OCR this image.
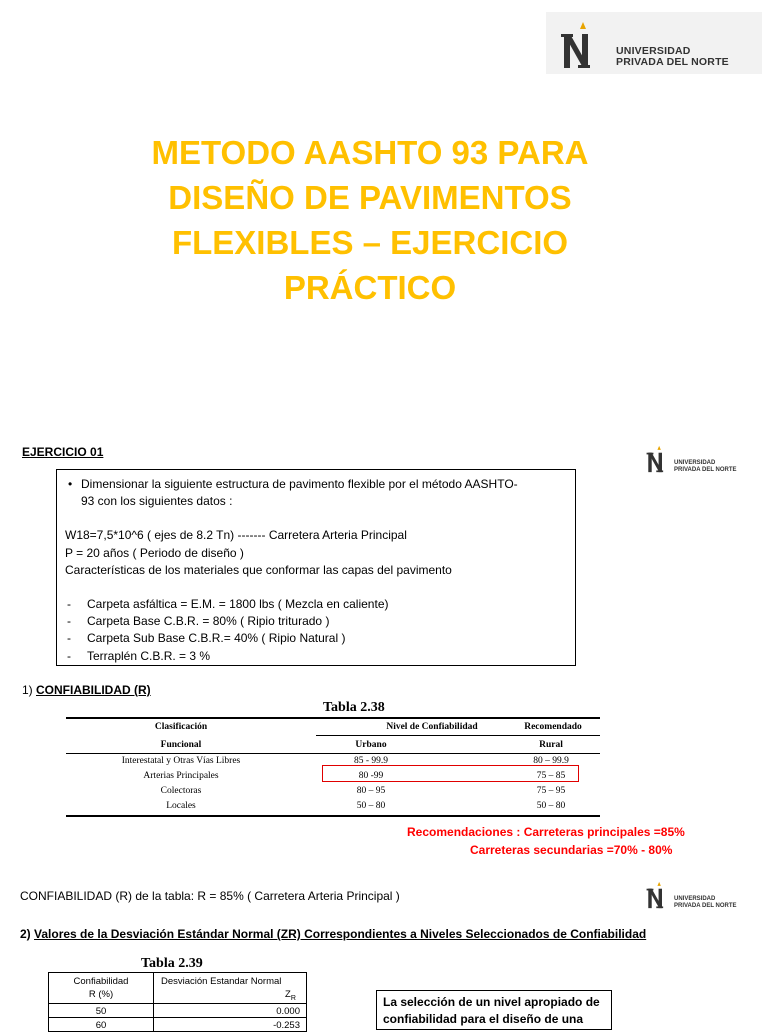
UNIVERSIDAD
PRIVADA DEL NORTE
METODO AASHTO 93 PARA
DISEÑO DE PAVIMENTOS
FLEXIBLES – EJERCICIO
PRÁCTICO
EJERCICIO 01
UNIVERSIDAD
PRIVADA DEL NORTE
• Dimensionar la siguiente estructura de pavimento flexible por el método AASHTO-
93 con los siguientes datos :
W18=7,5*10^6 ( ejes de 8.2 Tn) ------- Carretera Arteria Principal
P = 20 años ( Periodo de diseño )
Características de los materiales que conformar las capas del pavimento
- Carpeta asfáltica = E.M. = 1800 lbs ( Mezcla en caliente)
- Carpeta Base C.B.R. = 80% ( Ripio triturado )
- Carpeta Sub Base C.B.R.= 40% ( Ripio Natural )
- Terraplén C.B.R. = 3 %
1) CONFIABILIDAD (R)
Tabla 2.38
Clasificación	Nivel de Confiabilidad	Recomendado
Funcional	Urbano	Rural
Interestatal y Otras Vías Libres	85 - 99.9	80 – 99.9
Arterias Principales	80 -99	75 – 85
Colectoras	80 – 95	75 – 95
Locales	50 – 80	50 – 80
Recomendaciones : Carreteras principales =85%
Carreteras secundarias =70% - 80%
CONFIABILIDAD (R) de la tabla: R = 85% ( Carretera Arteria Principal )	UNIVERSIDAD
PRIVADA DEL NORTE
2) Valores de la Desviación Estándar Normal (ZR) Correspondientes a Niveles Seleccionados de Confiabilidad
Tabla 2.39
Confiabilidad
R (%)
Desviación Estandar Normal
$Z_R$
50	0.000
60	-0.253
La selección de un nivel apropiado de
confiabilidad para el diseño de una
